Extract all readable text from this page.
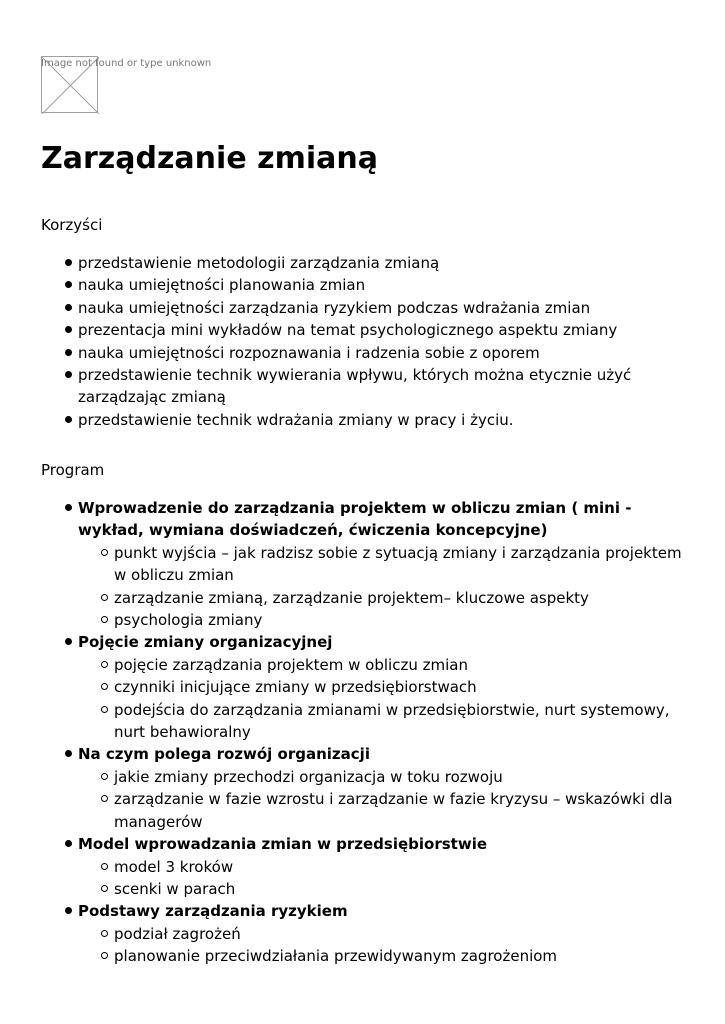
Image not found or type unknown
Zarządzanie zmianą

Korzyści

przedstawienie metodologii zarządzania zmianą
nauka umiejętności planowania zmian
nauka umiejętności zarządzania ryzykiem podczas wdrażania zmian
prezentacja mini wykładów na temat psychologicznego aspektu zmiany
nauka umiejętności rozpoznawania i radzenia sobie z oporem
przedstawienie technik wywierania wpływu, których można etycznie użyć zarządzając zmianą
przedstawienie technik wdrażania zmiany w pracy i życiu.

Program

Wprowadzenie do zarządzania projektem w obliczu zmian ( mini - wykład, wymiana doświadczeń, ćwiczenia koncepcyjne)
punkt wyjścia – jak radzisz sobie z sytuacją zmiany i zarządzania projektem w obliczu zmian
zarządzanie zmianą, zarządzanie projektem– kluczowe aspekty
psychologia zmiany
Pojęcie zmiany organizacyjnej
pojęcie zarządzania projektem w obliczu zmian
czynniki inicjujące zmiany w przedsiębiorstwach
podejścia do zarządzania zmianami w przedsiębiorstwie, nurt systemowy, nurt behawioralny
Na czym polega rozwój organizacji
jakie zmiany przechodzi organizacja w toku rozwoju
zarządzanie w fazie wzrostu i zarządzanie w fazie kryzysu – wskazówki dla managerów
Model wprowadzania zmian w przedsiębiorstwie
model 3 kroków
scenki w parach
Podstawy zarządzania ryzykiem
podział zagrożeń
planowanie przeciwdziałania przewidywanym zagrożeniom
